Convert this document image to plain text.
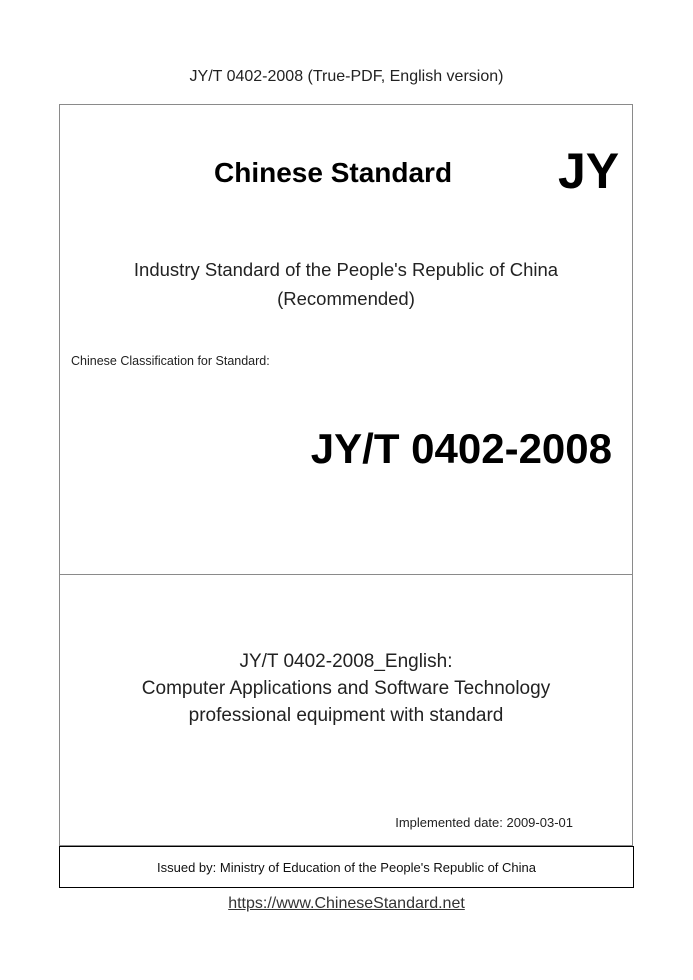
JY/T 0402-2008 (True-PDF, English version)
Chinese Standard JY
Industry Standard of the People's Republic of China
(Recommended)
Chinese Classification for Standard:
JY/T 0402-2008
JY/T 0402-2008_English:
Computer Applications and Software Technology
professional equipment with standard
Implemented date: 2009-03-01
Issued by: Ministry of Education of the People's Republic of China
https://www.ChineseStandard.net
